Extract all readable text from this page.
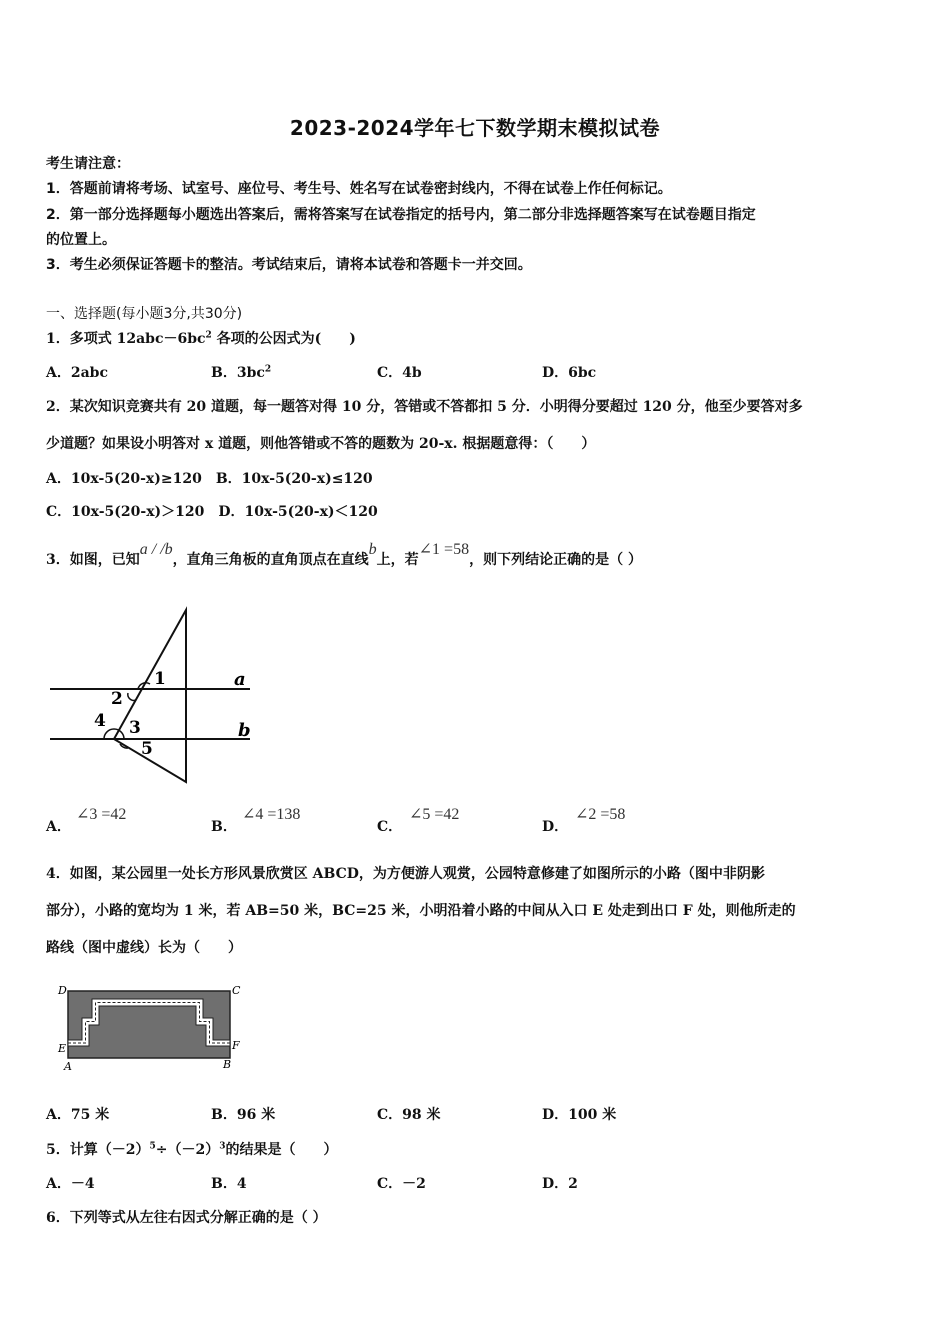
2023-2024学年七下数学期末模拟试卷
考生请注意：
1．答题前请将考场、试室号、座位号、考生号、姓名写在试卷密封线内，不得在试卷上作任何标记。
2．第一部分选择题每小题选出答案后，需将答案写在试卷指定的括号内，第二部分非选择题答案写在试卷题目指定
的位置上。
3．考生必须保证答题卡的整洁。考试结束后，请将本试卷和答题卡一并交回。
一、选择题(每小题3分,共30分)
1．多项式 $12abc-6bc^2$ 各项的公因式为(　　)
A．2abc	B．$3bc^2$	C．4b	D．6bc
2．某次知识竞赛共有 20 道题，每一题答对得 10 分，答错或不答都扣 5 分．小明得分要超过 120 分，他至少要答对多
少道题？如果设小明答对 x 道题，则他答错或不答的题数为 20-x. 根据题意得：（　　）
A．10x-5(20-x)≥120　B．10x-5(20-x)≤120
C．10x-5(20-x)＞120　D．10x-5(20-x)＜120
3．如图，已知a / /b，直角三角板的直角顶点在直线b上，若∠1 =58，则下列结论正确的是（ ）
1
2
3
4
5
a
b
A．
∠3 =42
B．
∠4 =138
C．
∠5 =42
D．
∠2 =58
4．如图，某公园里一处长方形风景欣赏区 ABCD，为方便游人观赏，公园特意修建了如图所示的小路（图中非阴影
部分），小路的宽均为 1 米，若 AB=50 米，BC=25 米，小明沿着小路的中间从入口 E 处走到出口 F 处，则他所走的
路线（图中虚线）长为（　　）
D	C
E	F
A	B
A．75 米	B．96 米	C．98 米	D．100 米
5．计算$(-2)^5\div(-2)^3$的结果是（　　）
A．－4	B．4	C．－2	D．2
6．下列等式从左往右因式分解正确的是（ ）
